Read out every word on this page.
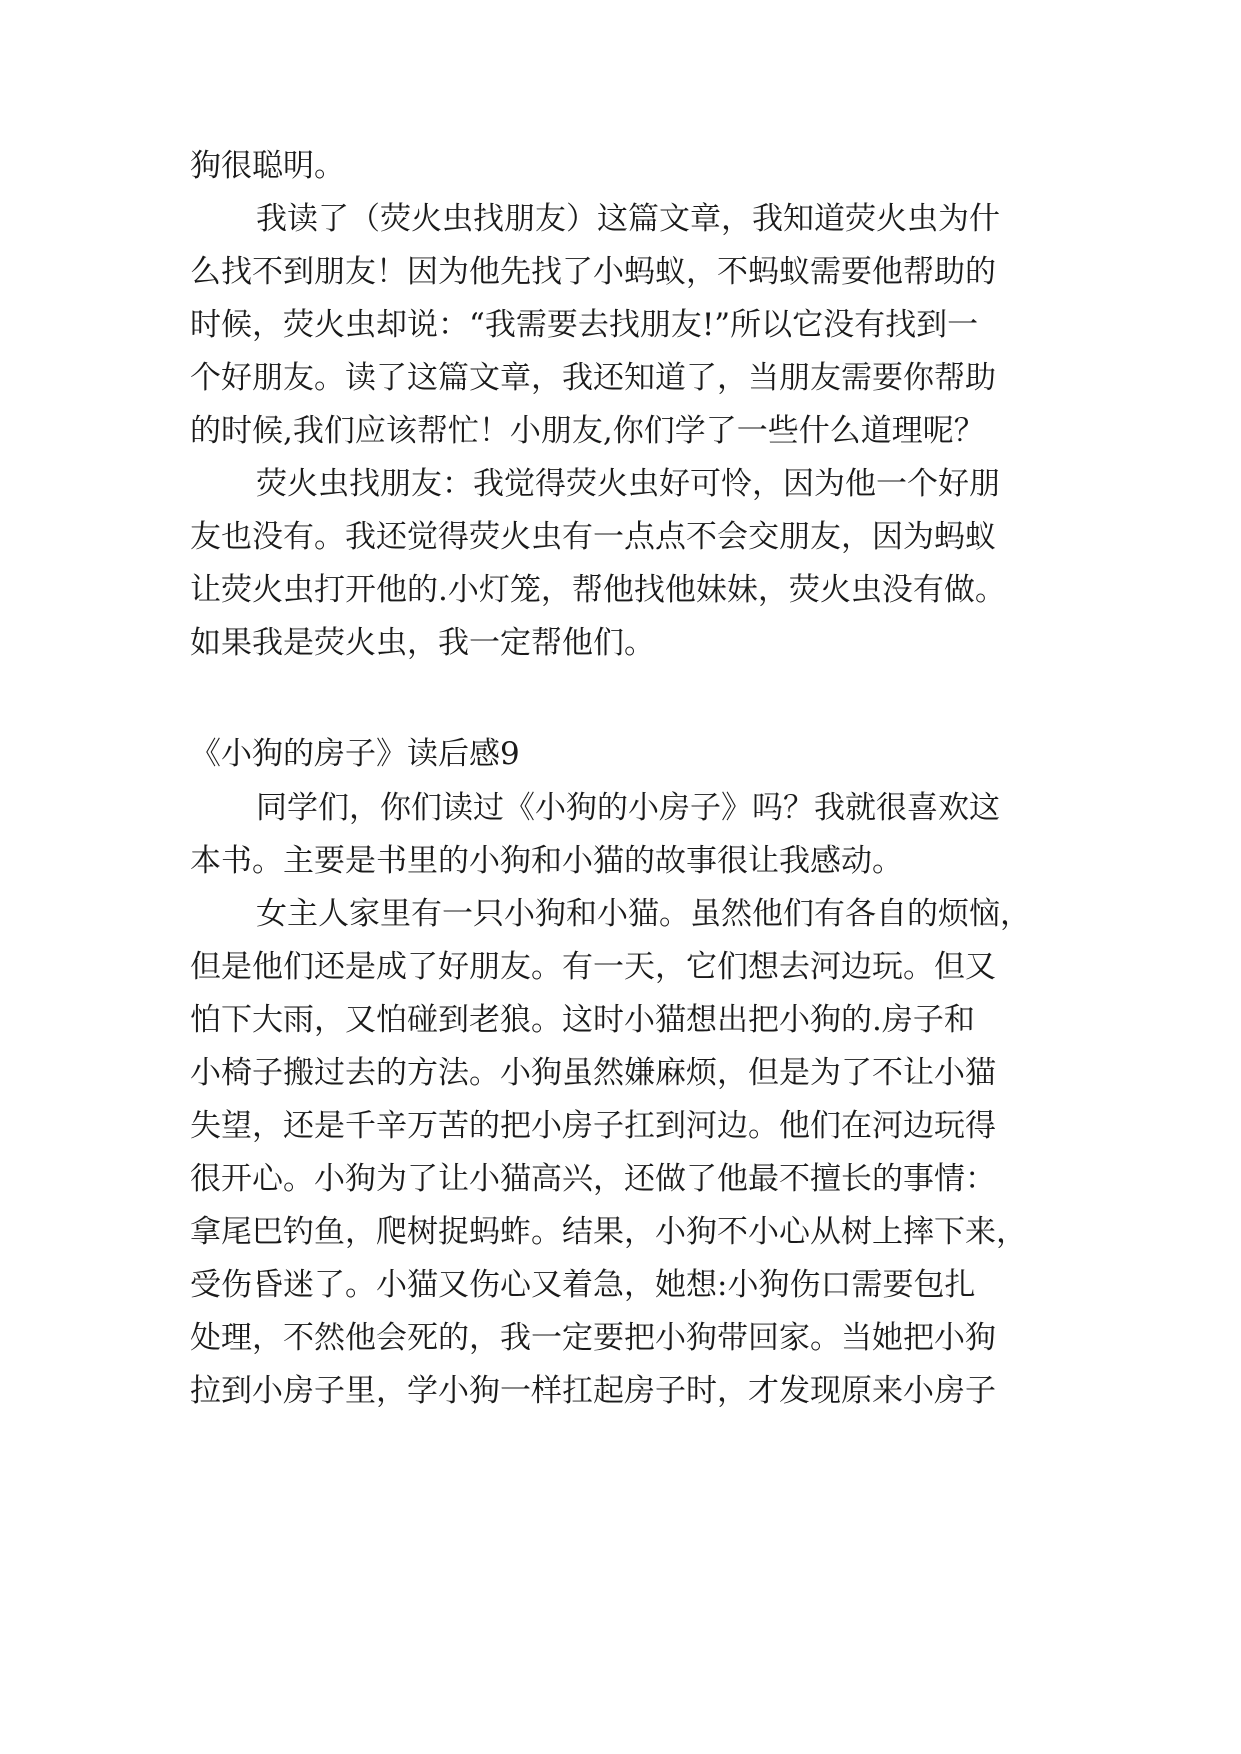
狗很聪明。
我读了（荧火虫找朋友）这篇文章，我知道荧火虫为什
么找不到朋友！因为他先找了小蚂蚁，不蚂蚁需要他帮助的
时候，荧火虫却说：“我需要去找朋友!”所以它没有找到一
个好朋友。读了这篇文章，我还知道了，当朋友需要你帮助
的时候,我们应该帮忙！小朋友,你们学了一些什么道理呢？
荧火虫找朋友：我觉得荧火虫好可怜，因为他一个好朋
友也没有。我还觉得荧火虫有一点点不会交朋友，因为蚂蚁
让荧火虫打开他的.小灯笼，帮他找他妹妹，荧火虫没有做。
如果我是荧火虫，我一定帮他们。
《小狗的房子》读后感9
同学们，你们读过《小狗的小房子》吗？我就很喜欢这
本书。主要是书里的小狗和小猫的故事很让我感动。
女主人家里有一只小狗和小猫。虽然他们有各自的烦恼，
但是他们还是成了好朋友。有一天，它们想去河边玩。但又
怕下大雨，又怕碰到老狼。这时小猫想出把小狗的.房子和
小椅子搬过去的方法。小狗虽然嫌麻烦，但是为了不让小猫
失望，还是千辛万苦的把小房子扛到河边。他们在河边玩得
很开心。小狗为了让小猫高兴，还做了他最不擅长的事情：
拿尾巴钓鱼，爬树捉蚂蚱。结果，小狗不小心从树上摔下来，
受伤昏迷了。小猫又伤心又着急，她想:小狗伤口需要包扎
处理，不然他会死的，我一定要把小狗带回家。当她把小狗
拉到小房子里，学小狗一样扛起房子时，才发现原来小房子
